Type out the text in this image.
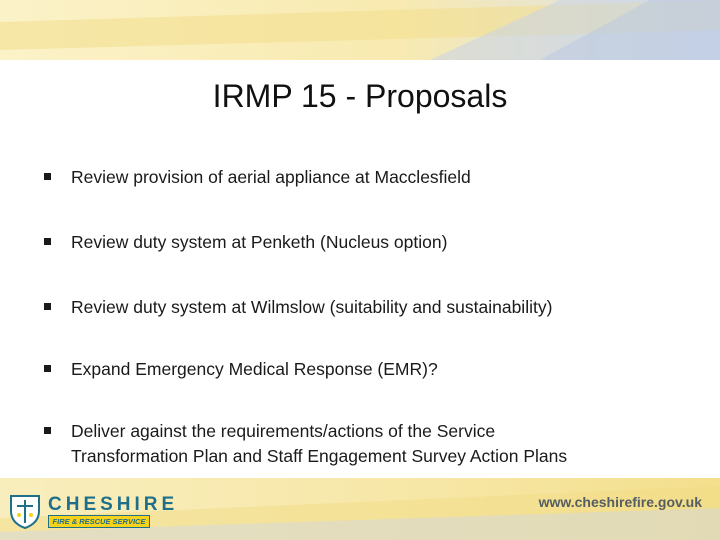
IRMP 15 - Proposals
Review provision of aerial appliance at Macclesfield
Review duty system at Penketh (Nucleus option)
Review duty system at Wilmslow (suitability and sustainability)
Expand Emergency Medical Response (EMR)?
Deliver against the requirements/actions of the Service
Transformation Plan and Staff Engagement Survey Action Plans
CHESHIRE
FIRE & RESCUE SERVICE
www.cheshirefire.gov.uk
